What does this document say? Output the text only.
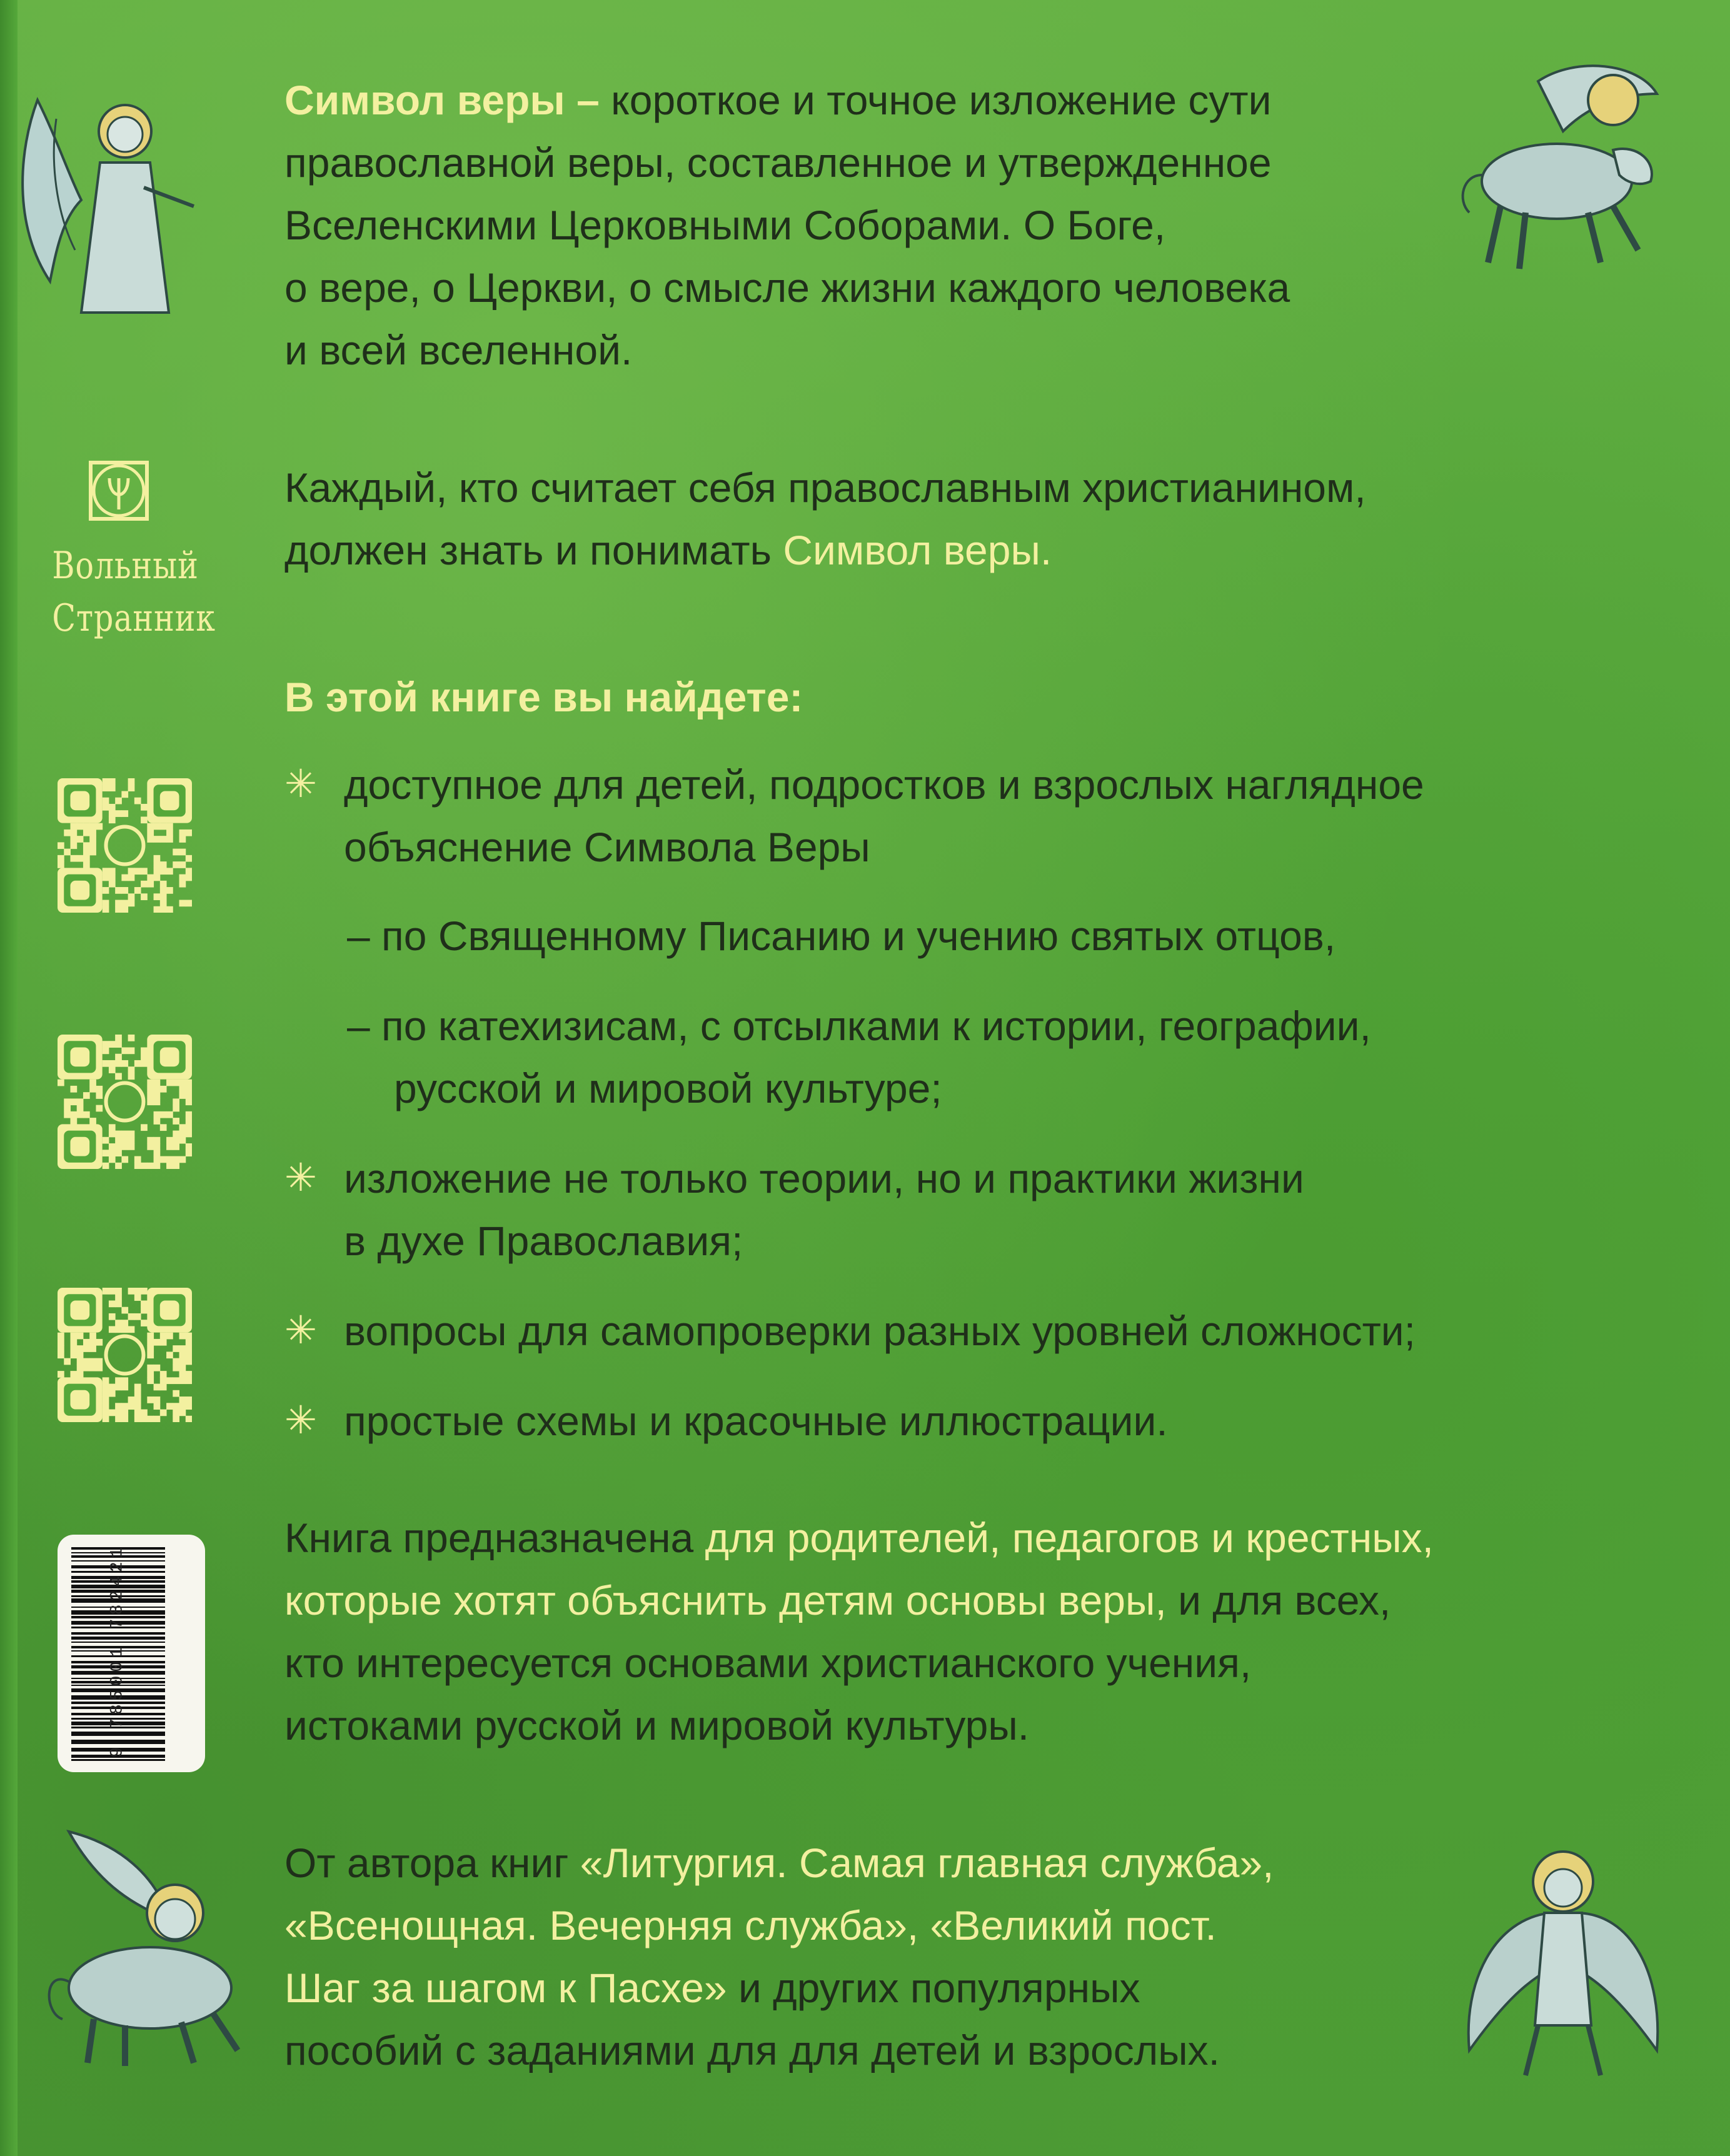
Символ веры – короткое и точное изложение сути
православной веры, составленное и утвержденное
Вселенскими Церковными Соборами. О Боге,
о вере, о Церкви, о смысле жизни каждого человека
и всей вселенной.
Каждый, кто считает себя православным христианином,
должен знать и понимать Символ веры.
В этой книге вы найдете:
✳ доступное для детей, подростков и взрослых наглядное
объяснение Символа Веры
– по Священному Писанию и учению святых отцов,
– по катехизисам, с отсылками к истории, географии,
русской и мировой культуре;
✳ изложение не только теории, но и практики жизни
в духе Православия;
✳ вопросы для самопроверки разных уровней сложности;
✳ простые схемы и красочные иллюстрации.
Книга предназначена для родителей, педагогов и крестных,
которые хотят объяснить детям основы веры, и для всех,
кто интересуется основами христианского учения,
истоками русской и мировой культуры.
От автора книг «Литургия. Самая главная служба»,
«Всенощная. Вечерняя служба», «Великий пост.
Шаг за шагом к Пасхе» и других популярных
пособий с заданиями для для детей и взрослых.
Вольный
Странник
9 785001 782421
